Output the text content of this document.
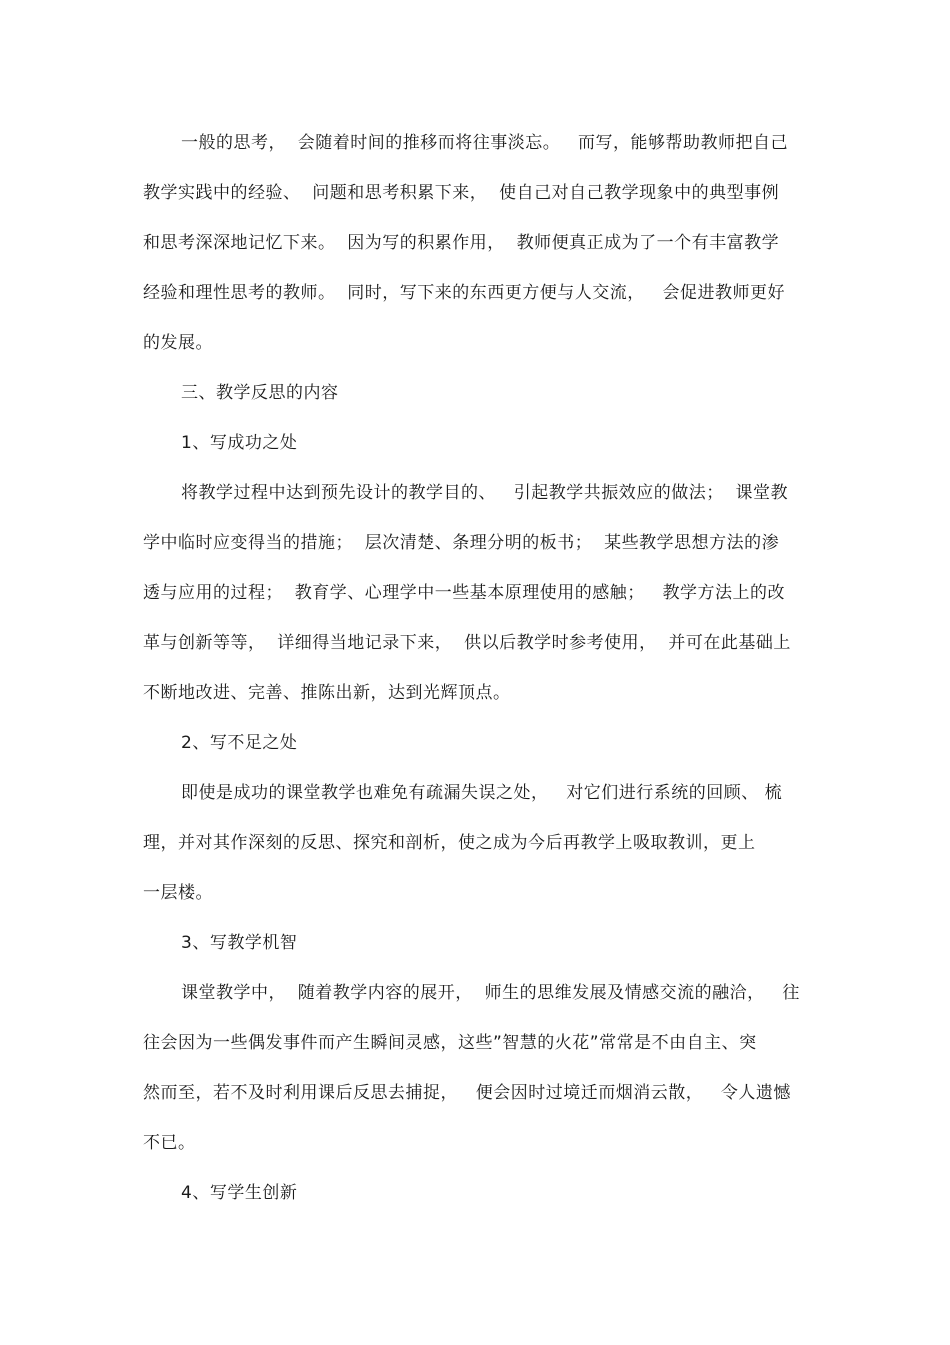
一般的思考，  会随着时间的推移而将往事淡忘。   而写，能够帮助教师把自己
教学实践中的经验、  问题和思考积累下来，  使自己对自己教学现象中的典型事例
和思考深深地记忆下来。  因为写的积累作用，  教师便真正成为了一个有丰富教学
经验和理性思考的教师。  同时，写下来的东西更方便与人交流，   会促进教师更好
的发展。
三、教学反思的内容
1、写成功之处
将教学过程中达到预先设计的教学目的、   引起教学共振效应的做法；  课堂教
学中临时应变得当的措施；  层次清楚、条理分明的板书；  某些教学思想方法的渗
透与应用的过程；  教育学、心理学中一些基本原理使用的感触；   教学方法上的改
革与创新等等，  详细得当地记录下来，  供以后教学时参考使用，  并可在此基础上
不断地改进、完善、推陈出新，达到光辉顶点。
2、写不足之处
即使是成功的课堂教学也难免有疏漏失误之处，   对它们进行系统的回顾、 梳
理，并对其作深刻的反思、探究和剖析，使之成为今后再教学上吸取教训，更上
一层楼。
3、写教学机智
课堂教学中，  随着教学内容的展开，  师生的思维发展及情感交流的融洽，   往
往会因为一些偶发事件而产生瞬间灵感，这些”智慧的火花”常常是不由自主、突
然而至，若不及时利用课后反思去捕捉，   便会因时过境迁而烟消云散，   令人遗憾
不已。
4、写学生创新
